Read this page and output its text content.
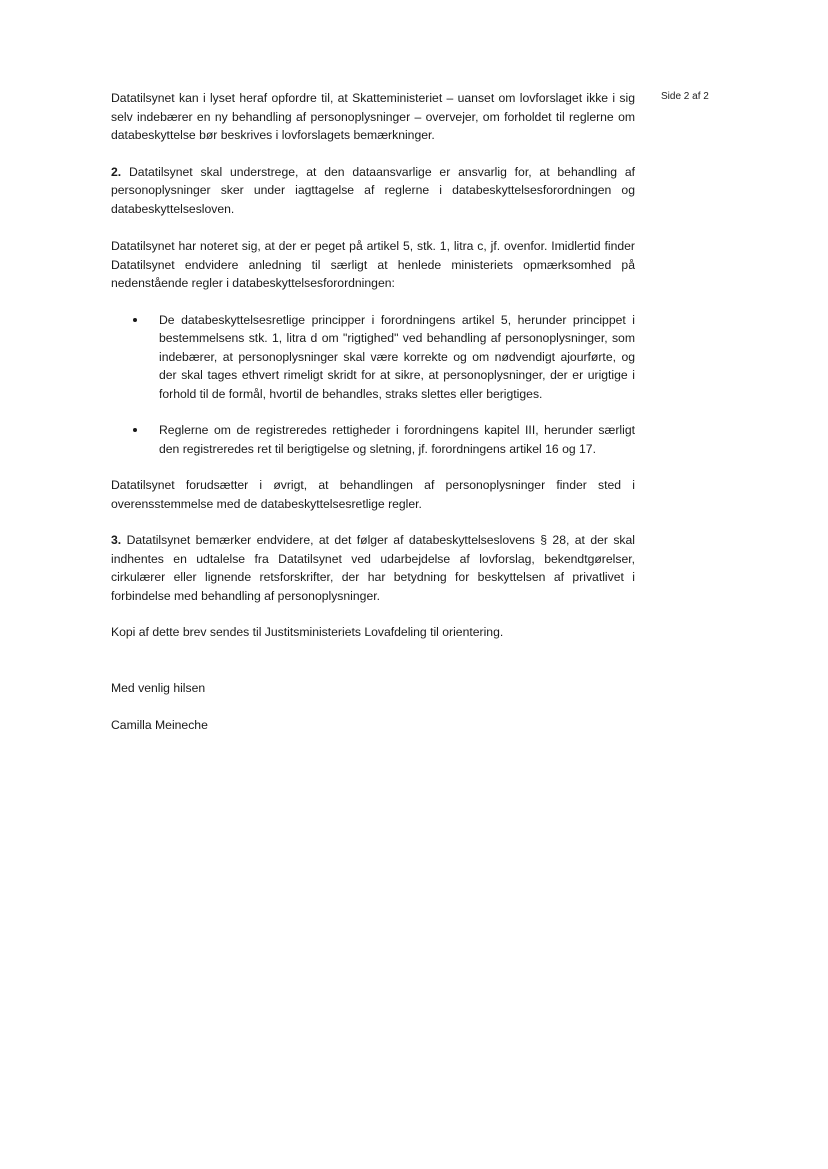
Side 2 af 2

Datatilsynet kan i lyset heraf opfordre til, at Skatteministeriet – uanset om lovforslaget ikke i sig selv indebærer en ny behandling af personoplysninger – overvejer, om forholdet til reglerne om databeskyttelse bør beskrives i lovforslagets bemærkninger.

2. Datatilsynet skal understrege, at den dataansvarlige er ansvarlig for, at behandling af personoplysninger sker under iagttagelse af reglerne i databeskyttelsesforordningen og databeskyttelsesloven.

Datatilsynet har noteret sig, at der er peget på artikel 5, stk. 1, litra c, jf. ovenfor. Imidlertid finder Datatilsynet endvidere anledning til særligt at henlede ministeriets opmærksomhed på nedenstående regler i databeskyttelsesforordningen:

De databeskyttelsesretlige principper i forordningens artikel 5, herunder princippet i bestemmelsens stk. 1, litra d om "rigtighed" ved behandling af personoplysninger, som indebærer, at personoplysninger skal være korrekte og om nødvendigt ajourførte, og der skal tages ethvert rimeligt skridt for at sikre, at personoplysninger, der er urigtige i forhold til de formål, hvortil de behandles, straks slettes eller berigtiges.
Reglerne om de registreredes rettigheder i forordningens kapitel III, herunder særligt den registreredes ret til berigtigelse og sletning, jf. forordningens artikel 16 og 17.

Datatilsynet forudsætter i øvrigt, at behandlingen af personoplysninger finder sted i overensstemmelse med de databeskyttelsesretlige regler.

3. Datatilsynet bemærker endvidere, at det følger af databeskyttelseslovens § 28, at der skal indhentes en udtalelse fra Datatilsynet ved udarbejdelse af lovforslag, bekendtgørelser, cirkulærer eller lignende retsforskrifter, der har betydning for beskyttelsen af privatlivet i forbindelse med behandling af personoplysninger.

Kopi af dette brev sendes til Justitsministeriets Lovafdeling til orientering.

Med venlig hilsen

Camilla Meineche
